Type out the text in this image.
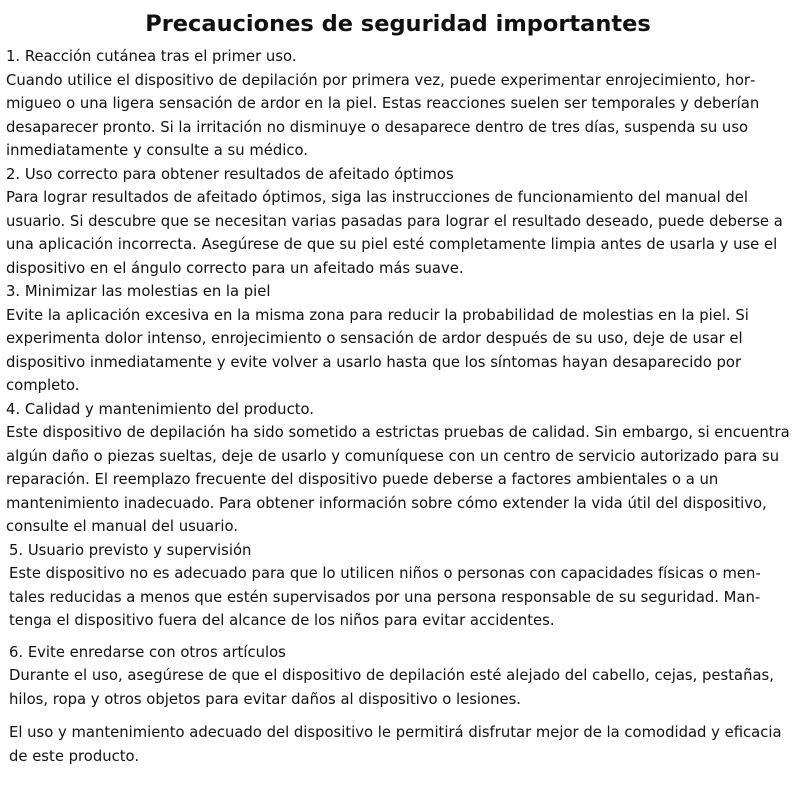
Precauciones de seguridad importantes

1. Reacción cutánea tras el primer uso.

Cuando utilice el dispositivo de depilación por primera vez, puede experimentar enrojecimiento, hormigueo o una ligera sensación de ardor en la piel. Estas reacciones suelen ser temporales y deberían desaparecer pronto. Si la irritación no disminuye o desaparece dentro de tres días, suspenda su uso inmediatamente y consulte a su médico.

2. Uso correcto para obtener resultados de afeitado óptimos

Para lograr resultados de afeitado óptimos, siga las instrucciones de funcionamiento del manual del usuario. Si descubre que se necesitan varias pasadas para lograr el resultado deseado, puede deberse a una aplicación incorrecta. Asegúrese de que su piel esté completamente limpia antes de usarla y use el dispositivo en el ángulo correcto para un afeitado más suave.

3. Minimizar las molestias en la piel

Evite la aplicación excesiva en la misma zona para reducir la probabilidad de molestias en la piel. Si experimenta dolor intenso, enrojecimiento o sensación de ardor después de su uso, deje de usar el dispositivo inmediatamente y evite volver a usarlo hasta que los síntomas hayan desaparecido por completo.

4. Calidad y mantenimiento del producto.

Este dispositivo de depilación ha sido sometido a estrictas pruebas de calidad. Sin embargo, si encuentra algún daño o piezas sueltas, deje de usarlo y comuníquese con un centro de servicio autorizado para su reparación. El reemplazo frecuente del dispositivo puede deberse a factores ambientales o a un mantenimiento inadecuado. Para obtener información sobre cómo extender la vida útil del dispositivo, consulte el manual del usuario.

5. Usuario previsto y supervisión

Este dispositivo no es adecuado para que lo utilicen niños o personas con capacidades físicas o mentales reducidas a menos que estén supervisados por una persona responsable de su seguridad. Mantenga el dispositivo fuera del alcance de los niños para evitar accidentes.

6. Evite enredarse con otros artículos

Durante el uso, asegúrese de que el dispositivo de depilación esté alejado del cabello, cejas, pestañas, hilos, ropa y otros objetos para evitar daños al dispositivo o lesiones.

El uso y mantenimiento adecuado del dispositivo le permitirá disfrutar mejor de la comodidad y eficacia de este producto.
